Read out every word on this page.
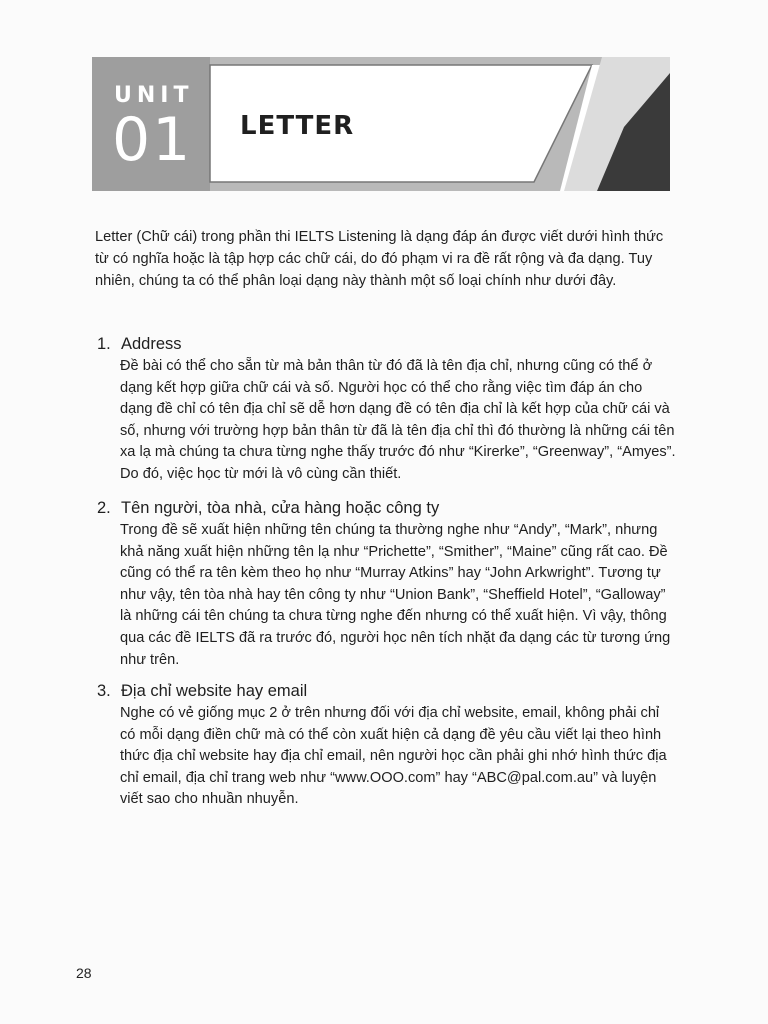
UNIT
01 LETTER

Letter (Chữ cái) trong phần thi IELTS Listening là dạng đáp án được viết dưới hình thức từ có nghĩa hoặc là tập hợp các chữ cái, do đó phạm vi ra đề rất rộng và đa dạng. Tuy nhiên, chúng ta có thể phân loại dạng này thành một số loại chính như dưới đây.

1. Address

Đề bài có thể cho sẵn từ mà bản thân từ đó đã là tên địa chỉ, nhưng cũng có thể ở dạng kết hợp giữa chữ cái và số. Người học có thể cho rằng việc tìm đáp án cho dạng đề chỉ có tên địa chỉ sẽ dễ hơn dạng đề có tên địa chỉ là kết hợp của chữ cái và số, nhưng với trường hợp bản thân từ đã là tên địa chỉ thì đó thường là những cái tên xa lạ mà chúng ta chưa từng nghe thấy trước đó như “Kirerke”, “Greenway”, “Amyes”. Do đó, việc học từ mới là vô cùng cần thiết.

2. Tên người, tòa nhà, cửa hàng hoặc công ty

Trong đề sẽ xuất hiện những tên chúng ta thường nghe như “Andy”, “Mark”, nhưng khả năng xuất hiện những tên lạ như “Prichette”, “Smither”, “Maine” cũng rất cao. Đề cũng có thể ra tên kèm theo họ như “Murray Atkins” hay “John Arkwright”. Tương tự như vậy, tên tòa nhà hay tên công ty như “Union Bank”, “Sheffield Hotel”, “Galloway” là những cái tên chúng ta chưa từng nghe đến nhưng có thể xuất hiện. Vì vậy, thông qua các đề IELTS đã ra trước đó, người học nên tích nhặt đa dạng các từ tương ứng như trên.

3. Địa chỉ website hay email

Nghe có vẻ giống mục 2 ở trên nhưng đối với địa chỉ website, email, không phải chỉ có mỗi dạng điền chữ mà có thể còn xuất hiện cả dạng đề yêu cầu viết lại theo hình thức địa chỉ website hay địa chỉ email, nên người học cần phải ghi nhớ hình thức địa chỉ email, địa chỉ trang web như “www.OOO.com” hay “ABC@pal.com.au” và luyện viết sao cho nhuần nhuyễn.

28
